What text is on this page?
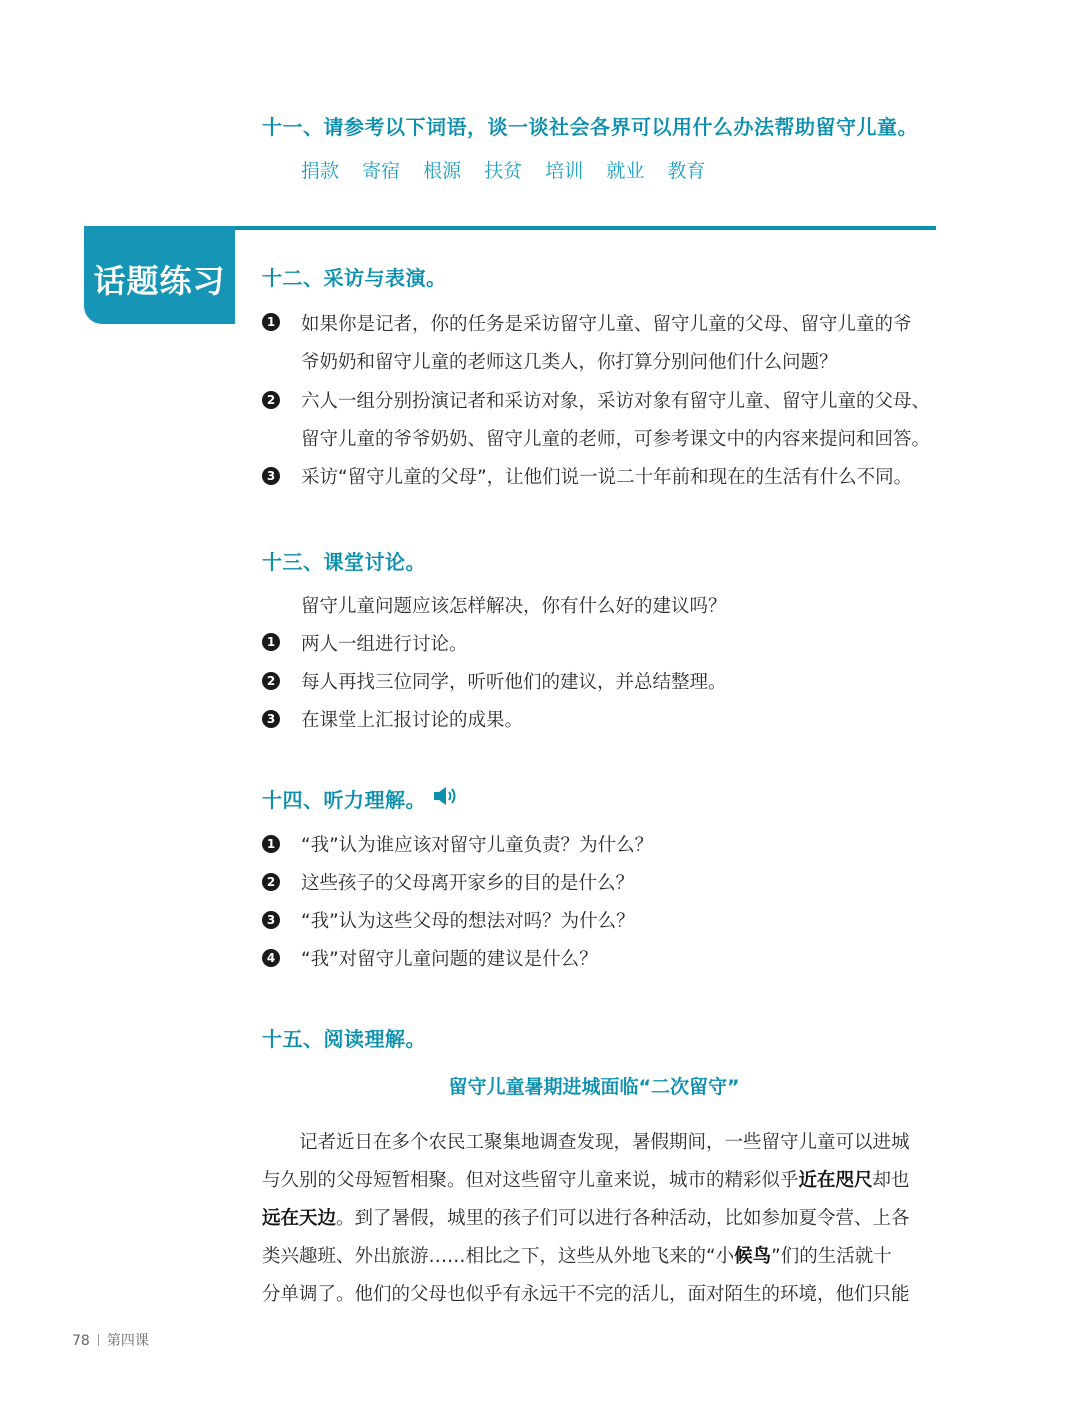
十一、请参考以下词语，谈一谈社会各界可以用什么办法帮助留守儿童。
捐款 寄宿 根源 扶贫 培训 就业 教育
话题练习	十二、采访与表演。
1 如果你是记者，你的任务是采访留守儿童、留守儿童的父母、留守儿童的爷
爷奶奶和留守儿童的老师这几类人，你打算分别问他们什么问题？
2 六人一组分别扮演记者和采访对象，采访对象有留守儿童、留守儿童的父母、
留守儿童的爷爷奶奶、留守儿童的老师，可参考课文中的内容来提问和回答。
3 采访“留守儿童的父母”，让他们说一说二十年前和现在的生活有什么不同。
十三、课堂讨论。
留守儿童问题应该怎样解决，你有什么好的建议吗？
1 两人一组进行讨论。
2 每人再找三位同学，听听他们的建议，并总结整理。
3 在课堂上汇报讨论的成果。
十四、听力理解。
1 “我”认为谁应该对留守儿童负责？为什么？
2 这些孩子的父母离开家乡的目的是什么？
3 “我”认为这些父母的想法对吗？为什么？
4 “我”对留守儿童问题的建议是什么？
十五、阅读理解。
留守儿童暑期进城面临“二次留守”
　　记者近日在多个农民工聚集地调查发现，暑假期间，一些留守儿童可以进城
与久别的父母短暂相聚。但对这些留守儿童来说，城市的精彩似乎近在咫尺却也
远在天边。到了暑假，城里的孩子们可以进行各种活动，比如参加夏令营、上各
类兴趣班、外出旅游……相比之下，这些从外地飞来的“小候鸟”们的生活就十
分单调了。他们的父母也似乎有永远干不完的活儿，面对陌生的环境，他们只能
78 第四课
